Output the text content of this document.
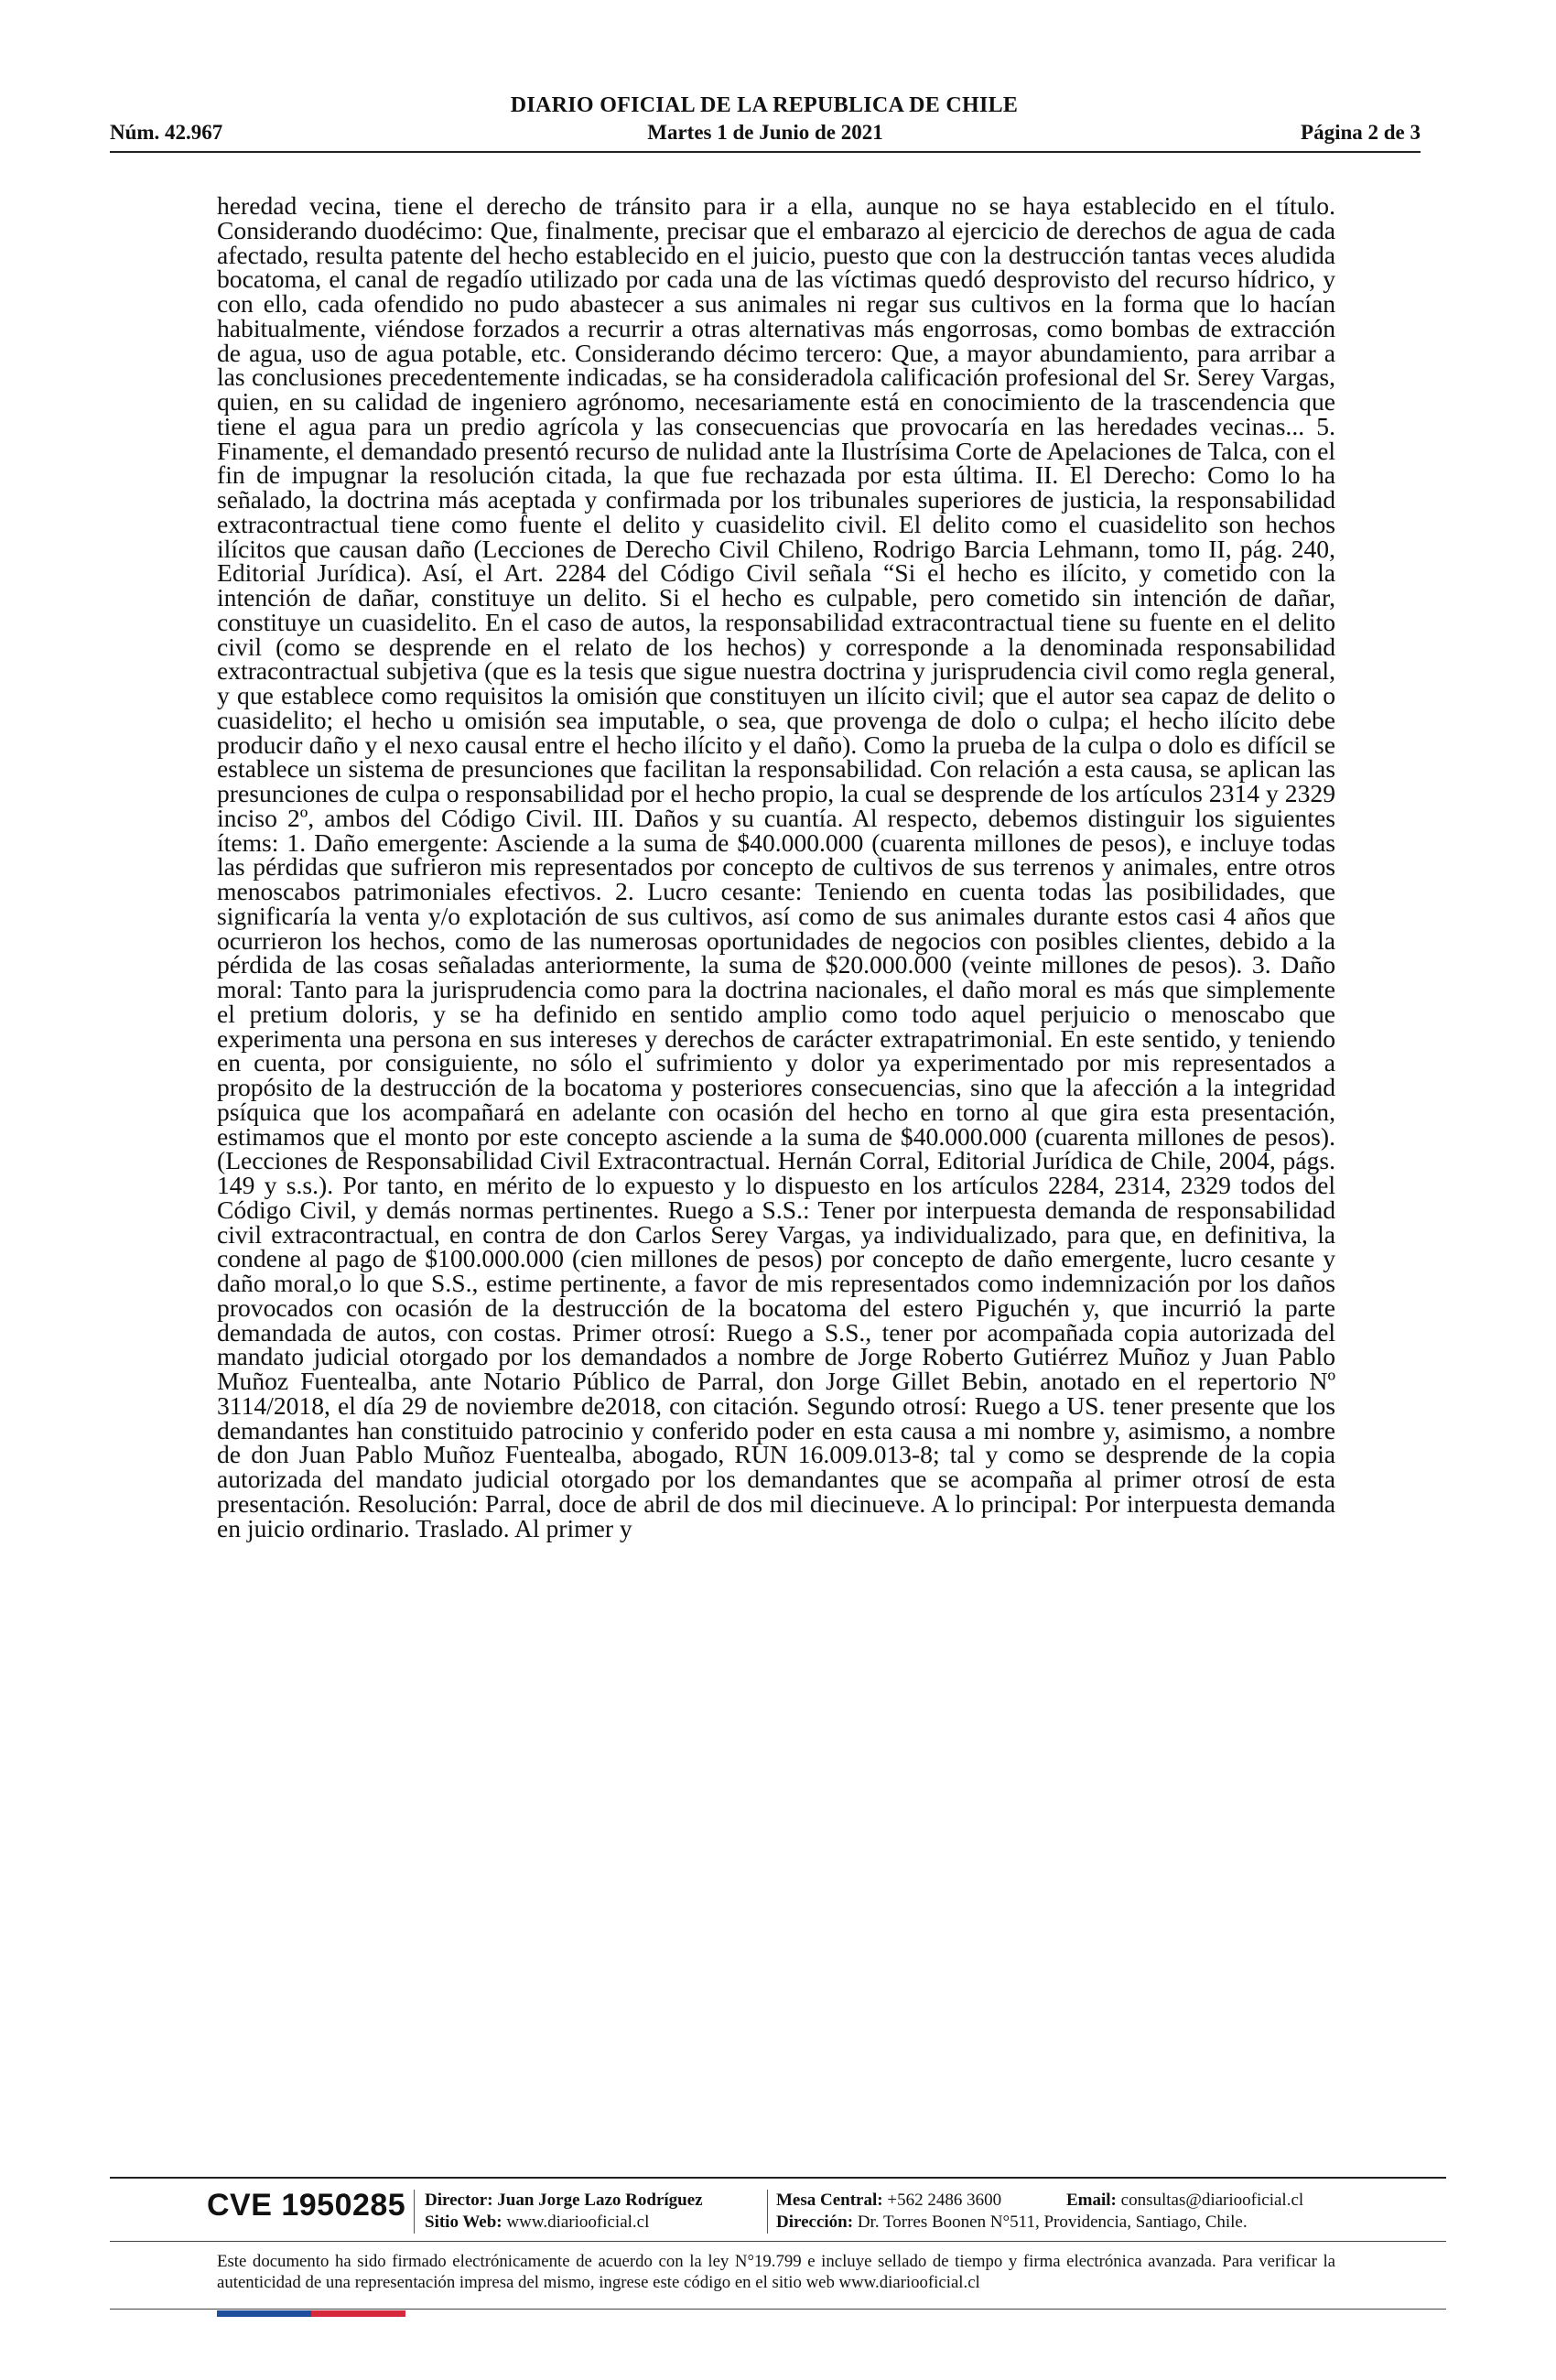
DIARIO OFICIAL DE LA REPUBLICA DE CHILE
Martes 1 de Junio de 2021
Núm. 42.967	Página 2 de 3

heredad vecina, tiene el derecho de tránsito para ir a ella, aunque no se haya establecido en el título. Considerando duodécimo: Que, finalmente, precisar que el embarazo al ejercicio de derechos de agua de cada afectado, resulta patente del hecho establecido en el juicio, puesto que con la destrucción tantas veces aludida bocatoma, el canal de regadío utilizado por cada una de las víctimas quedó desprovisto del recurso hídrico, y con ello, cada ofendido no pudo abastecer a sus animales ni regar sus cultivos en la forma que lo hacían habitualmente, viéndose forzados a recurrir a otras alternativas más engorrosas, como bombas de extracción de agua, uso de agua potable, etc. Considerando décimo tercero: Que, a mayor abundamiento, para arribar a las conclusiones precedentemente indicadas, se ha consideradola calificación profesional del Sr. Serey Vargas, quien, en su calidad de ingeniero agrónomo, necesariamente está en conocimiento de la trascendencia que tiene el agua para un predio agrícola y las consecuencias que provocaría en las heredades vecinas... 5. Finamente, el demandado presentó recurso de nulidad ante la Ilustrísima Corte de Apelaciones de Talca, con el fin de impugnar la resolución citada, la que fue rechazada por esta última. II. El Derecho: Como lo ha señalado, la doctrina más aceptada y confirmada por los tribunales superiores de justicia, la responsabilidad extracontractual tiene como fuente el delito y cuasidelito civil. El delito como el cuasidelito son hechos ilícitos que causan daño (Lecciones de Derecho Civil Chileno, Rodrigo Barcia Lehmann, tomo II, pág. 240, Editorial Jurídica). Así, el Art. 2284 del Código Civil señala “Si el hecho es ilícito, y cometido con la intención de dañar, constituye un delito. Si el hecho es culpable, pero cometido sin intención de dañar, constituye un cuasidelito. En el caso de autos, la responsabilidad extracontractual tiene su fuente en el delito civil (como se desprende en el relato de los hechos) y corresponde a la denominada responsabilidad extracontractual subjetiva (que es la tesis que sigue nuestra doctrina y jurisprudencia civil como regla general, y que establece como requisitos la omisión que constituyen un ilícito civil; que el autor sea capaz de delito o cuasidelito; el hecho u omisión sea imputable, o sea, que provenga de dolo o culpa; el hecho ilícito debe producir daño y el nexo causal entre el hecho ilícito y el daño). Como la prueba de la culpa o dolo es difícil se establece un sistema de presunciones que facilitan la responsabilidad. Con relación a esta causa, se aplican las presunciones de culpa o responsabilidad por el hecho propio, la cual se desprende de los artículos 2314 y 2329 inciso 2º, ambos del Código Civil. III. Daños y su cuantía. Al respecto, debemos distinguir los siguientes ítems: 1. Daño emergente: Asciende a la suma de $40.000.000 (cuarenta millones de pesos), e incluye todas las pérdidas que sufrieron mis representados por concepto de cultivos de sus terrenos y animales, entre otros menoscabos patrimoniales efectivos. 2. Lucro cesante: Teniendo en cuenta todas las posibilidades, que significaría la venta y/o explotación de sus cultivos, así como de sus animales durante estos casi 4 años que ocurrieron los hechos, como de las numerosas oportunidades de negocios con posibles clientes, debido a la pérdida de las cosas señaladas anteriormente, la suma de $20.000.000 (veinte millones de pesos). 3. Daño moral: Tanto para la jurisprudencia como para la doctrina nacionales, el daño moral es más que simplemente el pretium doloris, y se ha definido en sentido amplio como todo aquel perjuicio o menoscabo que experimenta una persona en sus intereses y derechos de carácter extrapatrimonial. En este sentido, y teniendo en cuenta, por consiguiente, no sólo el sufrimiento y dolor ya experimentado por mis representados a propósito de la destrucción de la bocatoma y posteriores consecuencias, sino que la afección a la integridad psíquica que los acompañará en adelante con ocasión del hecho en torno al que gira esta presentación, estimamos que el monto por este concepto asciende a la suma de $40.000.000 (cuarenta millones de pesos). (Lecciones de Responsabilidad Civil Extracontractual. Hernán Corral, Editorial Jurídica de Chile, 2004, págs. 149 y s.s.). Por tanto, en mérito de lo expuesto y lo dispuesto en los artículos 2284, 2314, 2329 todos del Código Civil, y demás normas pertinentes. Ruego a S.S.: Tener por interpuesta demanda de responsabilidad civil extracontractual, en contra de don Carlos Serey Vargas, ya individualizado, para que, en definitiva, la condene al pago de $100.000.000 (cien millones de pesos) por concepto de daño emergente, lucro cesante y daño moral,o lo que S.S., estime pertinente, a favor de mis representados como indemnización por los daños provocados con ocasión de la destrucción de la bocatoma del estero Piguchén y, que incurrió la parte demandada de autos, con costas. Primer otrosí: Ruego a S.S., tener por acompañada copia autorizada del mandato judicial otorgado por los demandados a nombre de Jorge Roberto Gutiérrez Muñoz y Juan Pablo Muñoz Fuentealba, ante Notario Público de Parral, don Jorge Gillet Bebin, anotado en el repertorio Nº 3114/2018, el día 29 de noviembre de2018, con citación. Segundo otrosí: Ruego a US. tener presente que los demandantes han constituido patrocinio y conferido poder en esta causa a mi nombre y, asimismo, a nombre de don Juan Pablo Muñoz Fuentealba, abogado, RUN 16.009.013-8; tal y como se desprende de la copia autorizada del mandato judicial otorgado por los demandantes que se acompaña al primer otrosí de esta presentación. Resolución: Parral, doce de abril de dos mil diecinueve. A lo principal: Por interpuesta demanda en juicio ordinario. Traslado. Al primer y

CVE 1950285 Director: Juan Jorge Lazo Rodríguez
Sitio Web: www.diariooficial.cl
Mesa Central: +562 2486 3600
Dirección: Dr. Torres Boonen N°511, Providencia, Santiago, Chile.
Email: consultas@diariooficial.cl
Este documento ha sido firmado electrónicamente de acuerdo con la ley N°19.799 e incluye sellado de tiempo y firma electrónica avanzada. Para verificar la autenticidad de una representación impresa del mismo, ingrese este código en el sitio web www.diariooficial.cl
